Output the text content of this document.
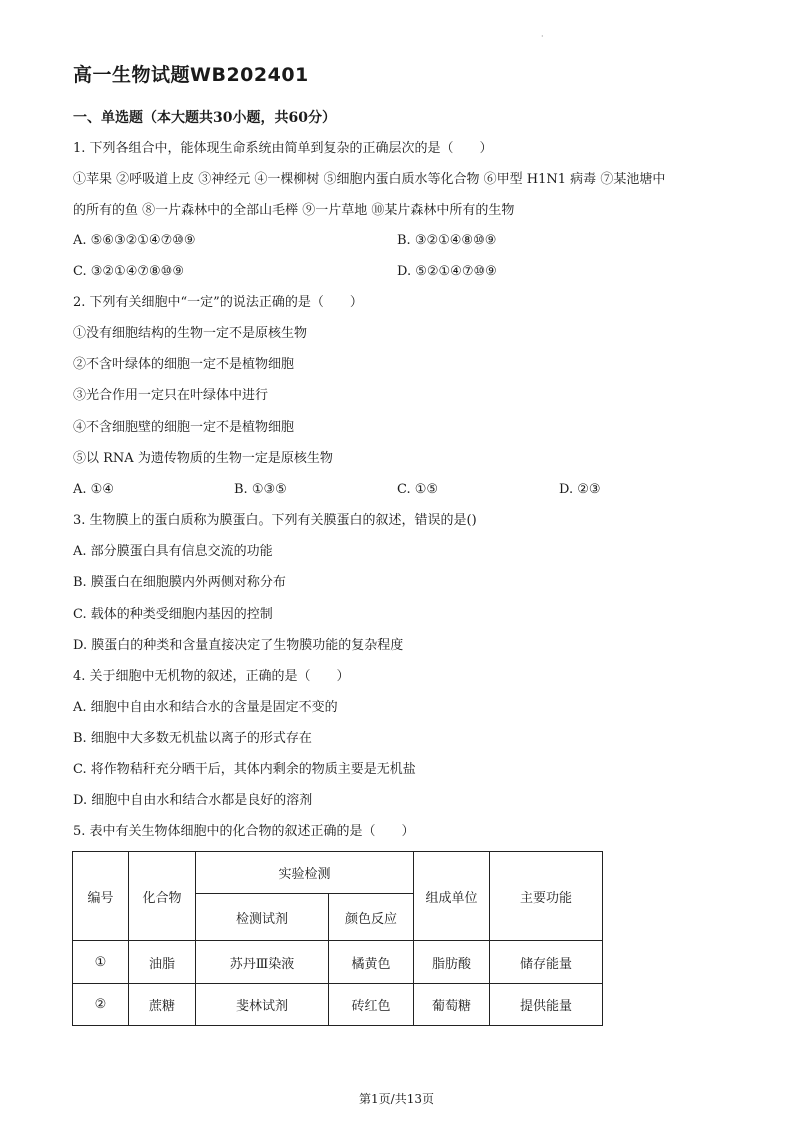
·
高一生物试题WB202401
一、单选题（本大题共30小题，共60分）
1. 下列各组合中，能体现生命系统由简单到复杂的正确层次的是（　　）
①苹果 ②呼吸道上皮 ③神经元 ④一棵柳树 ⑤细胞内蛋白质水等化合物 ⑥甲型 H1N1 病毒 ⑦某池塘中
的所有的鱼 ⑧一片森林中的全部山毛榉 ⑨一片草地 ⑩某片森林中所有的生物
A. ⑤⑥③②①④⑦⑩⑨	B. ③②①④⑧⑩⑨
C. ③②①④⑦⑧⑩⑨	D. ⑤②①④⑦⑩⑨
2. 下列有关细胞中“一定”的说法正确的是（　　）
①没有细胞结构的生物一定不是原核生物
②不含叶绿体的细胞一定不是植物细胞
③光合作用一定只在叶绿体中进行
④不含细胞壁的细胞一定不是植物细胞
⑤以 RNA 为遗传物质的生物一定是原核生物
A. ①④	B. ①③⑤	C. ①⑤	D. ②③
3. 生物膜上的蛋白质称为膜蛋白。下列有关膜蛋白的叙述，错误的是()
A. 部分膜蛋白具有信息交流的功能
B. 膜蛋白在细胞膜内外两侧对称分布
C. 载体的种类受细胞内基因的控制
D. 膜蛋白的种类和含量直接决定了生物膜功能的复杂程度
4. 关于细胞中无机物的叙述，正确的是（　　）
A. 细胞中自由水和结合水的含量是固定不变的
B. 细胞中大多数无机盐以离子的形式存在
C. 将作物秸秆充分晒干后，其体内剩余的物质主要是无机盐
D. 细胞中自由水和结合水都是良好的溶剂
5. 表中有关生物体细胞中的化合物的叙述正确的是（　　）
编号	化合物	实验检测		组成单位	主要功能
		检测试剂	颜色反应		
①	油脂	苏丹Ⅲ染液	橘黄色	脂肪酸	储存能量
②	蔗糖	斐林试剂	砖红色	葡萄糖	提供能量
第1页/共13页
